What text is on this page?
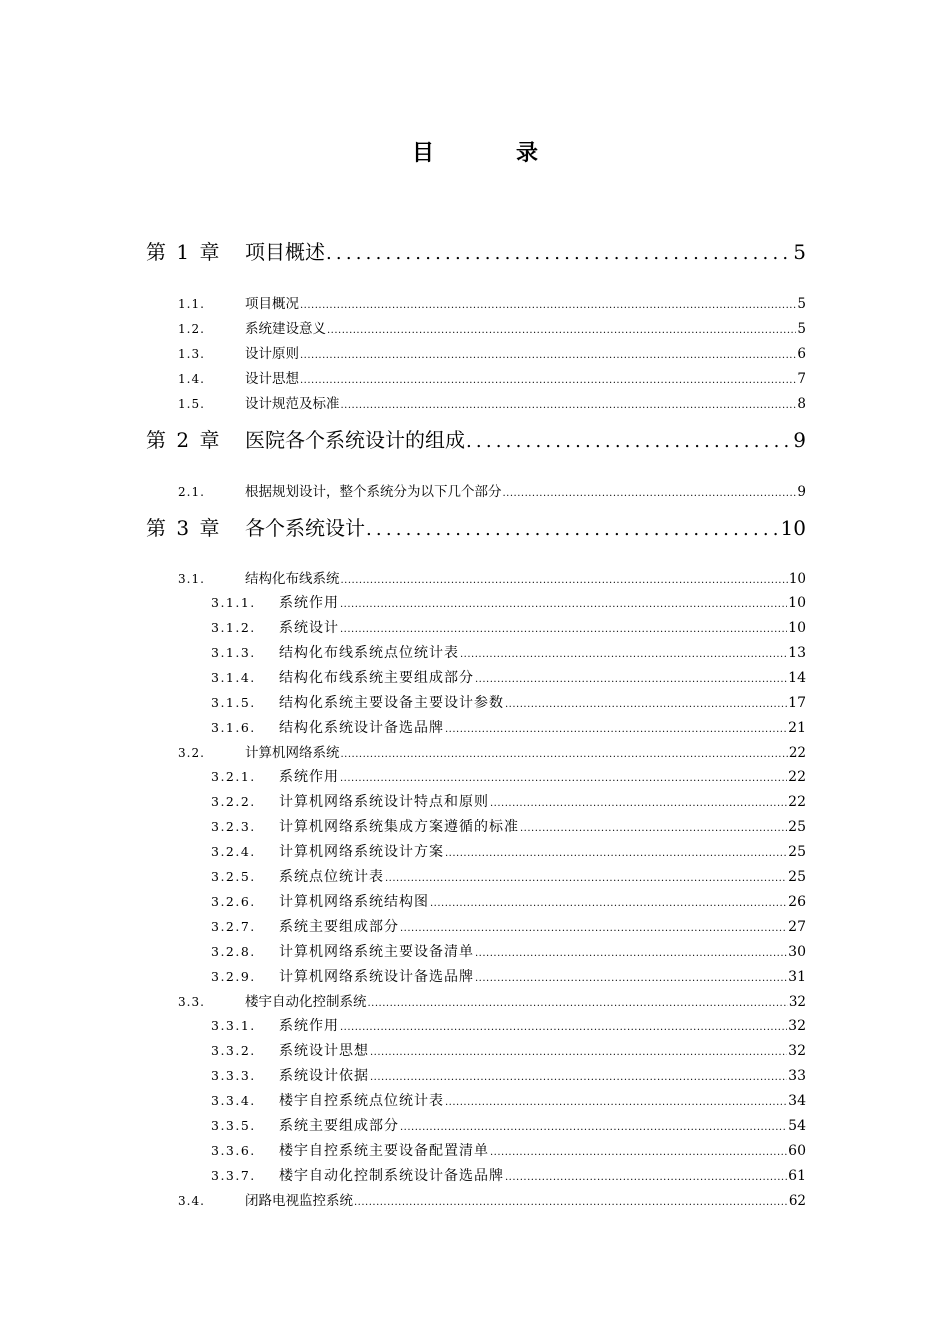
目　录
第 1 章	项目概述 .....	5
1.1.	项目概况 .....	5
1.2.	系统建设意义 .....	5
1.3.	设计原则 .....	6
1.4.	设计思想 .....	7
1.5.	设计规范及标准 .....	8
第 2 章	医院各个系统设计的组成 .....	9
2.1.	根据规划设计，整个系统分为以下几个部分 .....	9
第 3 章	各个系统设计 .....	10
3.1.	结构化布线系统 .....	10
3.1.1.	系统作用 .....	10
3.1.2.	系统设计 .....	10
3.1.3.	结构化布线系统点位统计表 .....	13
3.1.4.	结构化布线系统主要组成部分 .....	14
3.1.5.	结构化系统主要设备主要设计参数 .....	17
3.1.6.	结构化系统设计备选品牌 .....	21
3.2.	计算机网络系统 .....	22
3.2.1.	系统作用 .....	22
3.2.2.	计算机网络系统设计特点和原则 .....	22
3.2.3.	计算机网络系统集成方案遵循的标准 .....	25
3.2.4.	计算机网络系统设计方案 .....	25
3.2.5.	系统点位统计表 .....	25
3.2.6.	计算机网络系统结构图 .....	26
3.2.7.	系统主要组成部分 .....	27
3.2.8.	计算机网络系统主要设备清单 .....	30
3.2.9.	计算机网络系统设计备选品牌 .....	31
3.3.	楼宇自动化控制系统 .....	32
3.3.1.	系统作用 .....	32
3.3.2.	系统设计思想 .....	32
3.3.3.	系统设计依据 .....	33
3.3.4.	楼宇自控系统点位统计表 .....	34
3.3.5.	系统主要组成部分 .....	54
3.3.6.	楼宇自控系统主要设备配置清单 .....	60
3.3.7.	楼宇自动化控制系统设计备选品牌 .....	61
3.4.	闭路电视监控系统 .....	62
